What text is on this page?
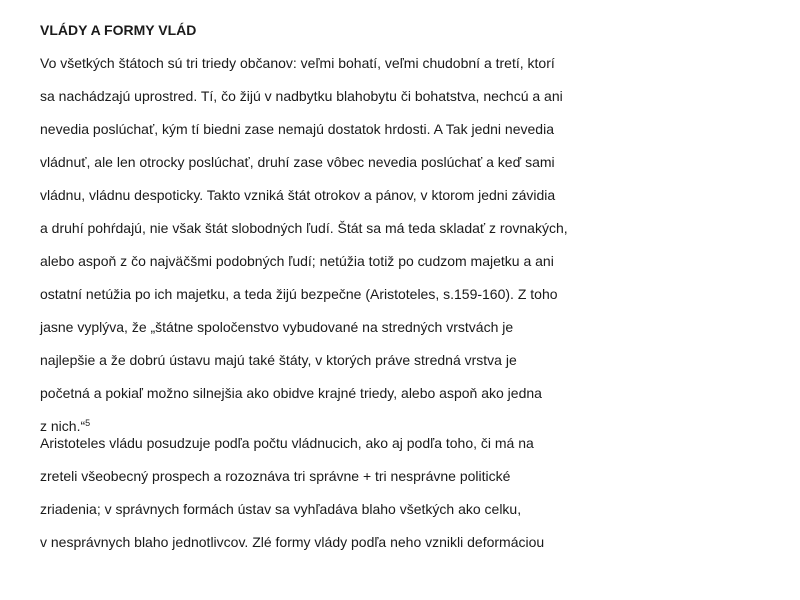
VLÁDY A FORMY VLÁD
Vo všetkých štátoch sú tri triedy občanov: veľmi bohatí, veľmi chudobní a tretí, ktorí
sa nachádzajú uprostred. Tí, čo žijú v nadbytku blahobytu či bohatstva, nechcú a ani
nevedia poslúchať, kým tí biedni zase nemajú dostatok hrdosti. A Tak jedni nevedia
vládnuť, ale len otrocky poslúchať, druhí zase vôbec nevedia poslúchať a keď sami
vládnu, vládnu despoticky. Takto vzniká štát otrokov a pánov, v ktorom jedni závidia
a druhí pohŕdajú, nie však štát slobodných ľudí. Štát sa má teda skladať z rovnakých,
alebo aspoň z čo najväčšmi podobných ľudí; netúžia totiž po cudzom majetku a ani
ostatní netúžia po ich majetku, a teda žijú bezpečne (Aristoteles, s.159-160). Z toho
jasne vyplýva, že „štátne spoločenstvo vybudované na stredných vrstvách je
najlepšie a že dobrú ústavu majú také štáty, v ktorých práve stredná vrstva je
početná a pokiaľ možno silnejšia ako obidve krajné triedy, alebo aspoň ako jedna
z nich.“$^5$
Aristoteles vládu posudzuje podľa počtu vládnucich, ako aj podľa toho, či má na
zreteli všeobecný prospech a rozoznáva tri správne + tri nesprávne politické
zriadenia; v správnych formách ústav sa vyhľadáva blaho všetkých ako celku,
v nesprávnych blaho jednotlivcov. Zlé formy vlády podľa neho vznikli deformáciou
